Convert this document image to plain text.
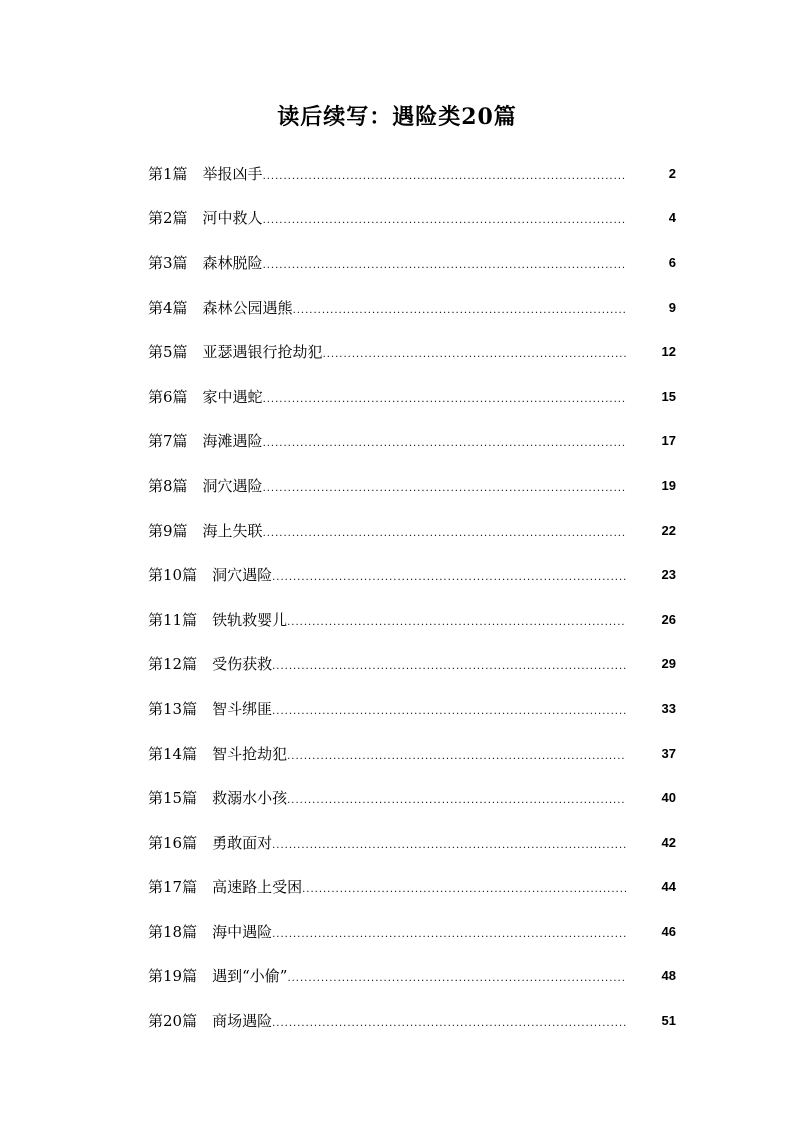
读后续写：遇险类20篇
第1篇 举报凶手 .....	2
第2篇 河中救人 .....	4
第3篇 森林脱险 .....	6
第4篇 森林公园遇熊 .....	9
第5篇 亚瑟遇银行抢劫犯 .....	12
第6篇 家中遇蛇 .....	15
第7篇 海滩遇险 .....	17
第8篇 洞穴遇险 .....	19
第9篇 海上失联 .....	22
第10篇 洞穴遇险 .....	23
第11篇 铁轨救婴儿 .....	26
第12篇 受伤获救 .....	29
第13篇 智斗绑匪 .....	33
第14篇 智斗抢劫犯 .....	37
第15篇 救溺水小孩 .....	40
第16篇 勇敢面对 .....	42
第17篇 高速路上受困 .....	44
第18篇 海中遇险 .....	46
第19篇 遇到“小偷” .....	48
第20篇 商场遇险 .....	51
